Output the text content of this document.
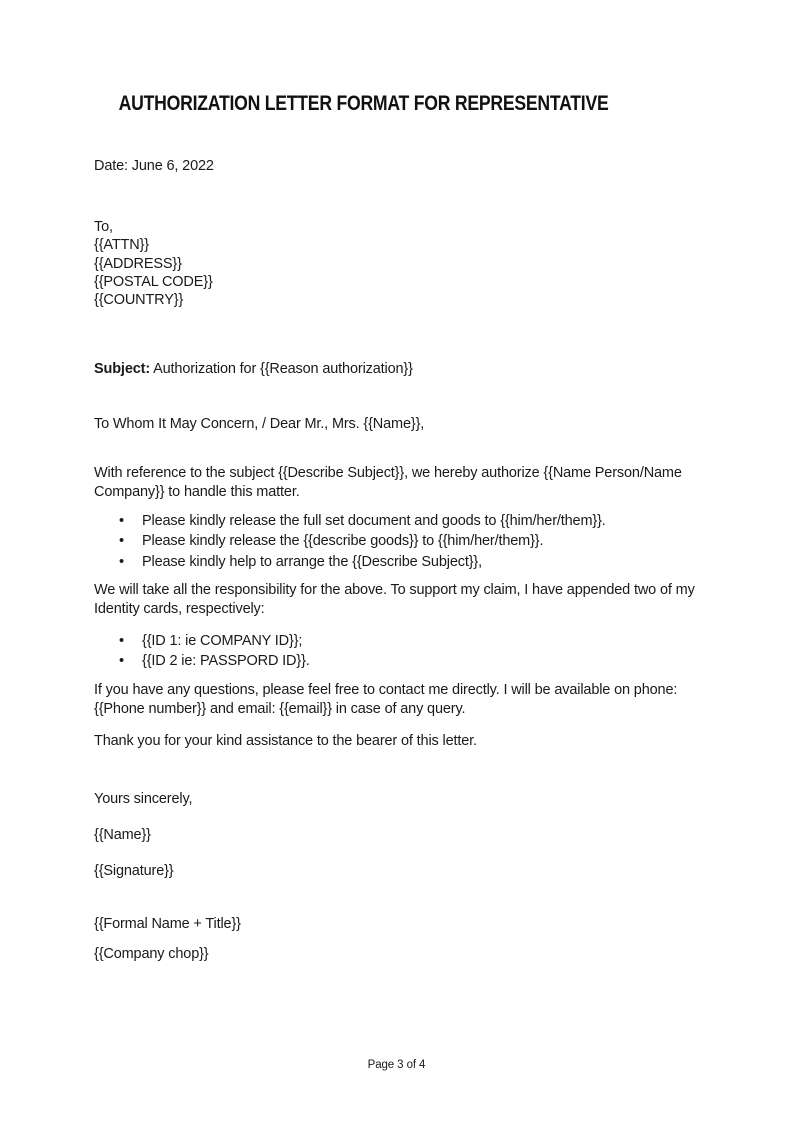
AUTHORIZATION LETTER FORMAT FOR REPRESENTATIVE
Date: June 6, 2022
To,
{{ATTN}}
{{ADDRESS}}
{{POSTAL CODE}}
{{COUNTRY}}
Subject: Authorization for {{Reason authorization}}
To Whom It May Concern, / Dear Mr., Mrs. {{Name}},
With reference to the subject {{Describe Subject}}, we hereby authorize {{Name Person/Name Company}} to handle this matter.
• Please kindly release the full set document and goods to {{him/her/them}}.
• Please kindly release the {{describe goods}} to {{him/her/them}}.
• Please kindly help to arrange the {{Describe Subject}},
We will take all the responsibility for the above. To support my claim, I have appended two of my Identity cards, respectively:
• {{ID 1: ie COMPANY ID}};
• {{ID 2 ie: PASSPORD ID}}.
If you have any questions, please feel free to contact me directly. I will be available on phone: {{Phone number}} and email: {{email}} in case of any query.
Thank you for your kind assistance to the bearer of this letter.
Yours sincerely,
{{Name}}
{{Signature}}
{{Formal Name + Title}}
{{Company chop}}
Page 3 of 4
